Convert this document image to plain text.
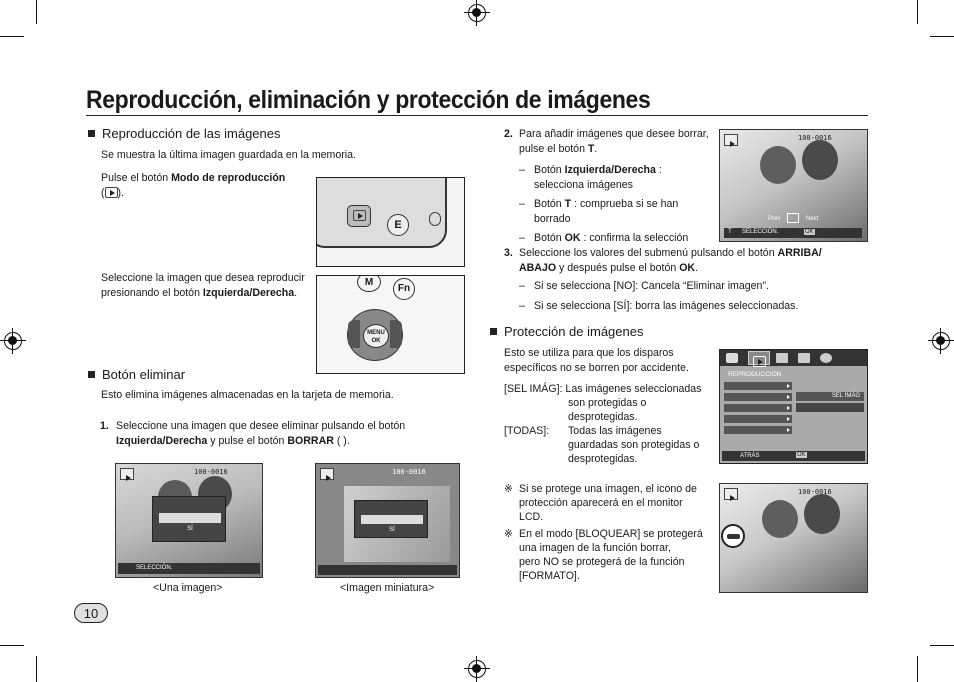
Reproducción, eliminación y protección de imágenes
Reproducción de las imágenes
Se muestra la última imagen guardada en la memoria.
Pulse el botón Modo de reproducción
( ).
E
Seleccione la imagen que desea reproducir
presionando el botón Izquierda/Derecha.
M
Fn
MENU
OK
Botón eliminar
Esto elimina imágenes almacenadas en la tarjeta de memoria.
1. Seleccione una imagen que desee eliminar pulsando el botón
Izquierda/Derecha y pulse el botón BORRAR ( ).
100-0016
SÍ
SELECCIÓN.
100-0016
SÍ
<Una imagen>	<Imagen miniatura>
10
2. Para añadir imágenes que desee borrar,
pulse el botón T.
– Botón Izquierda/Derecha :
selecciona imágenes
– Botón T : comprueba si se han
borrado
– Botón OK : confirma la selección
100-0016
Prev	Next
T SELECCIÓN.	OK
3. Seleccione los valores del submenú pulsando el botón ARRIBA/
ABAJO y después pulse el botón OK.
– Si se selecciona [NO]: Cancela “Eliminar imagen”.
– Si se selecciona [SÍ]: borra las imágenes seleccionadas.
Protección de imágenes
Esto se utiliza para que los disparos
específicos no se borren por accidente.
[SEL IMÁG]: Las imágenes seleccionadas
son protegidas o
desprotegidas.
[TODAS]: Todas las imágenes
guardadas son protegidas o
desprotegidas.
REPRODUCCIÓN
SEL IMÁG
ATRÁS	OK
※ Si se protege una imagen, el icono de
protección aparecerá en el monitor
LCD.
※ En el modo [BLOQUEAR] se protegerá
una imagen de la función borrar,
pero NO se protegerá de la función
[FORMATO].
100-0016
